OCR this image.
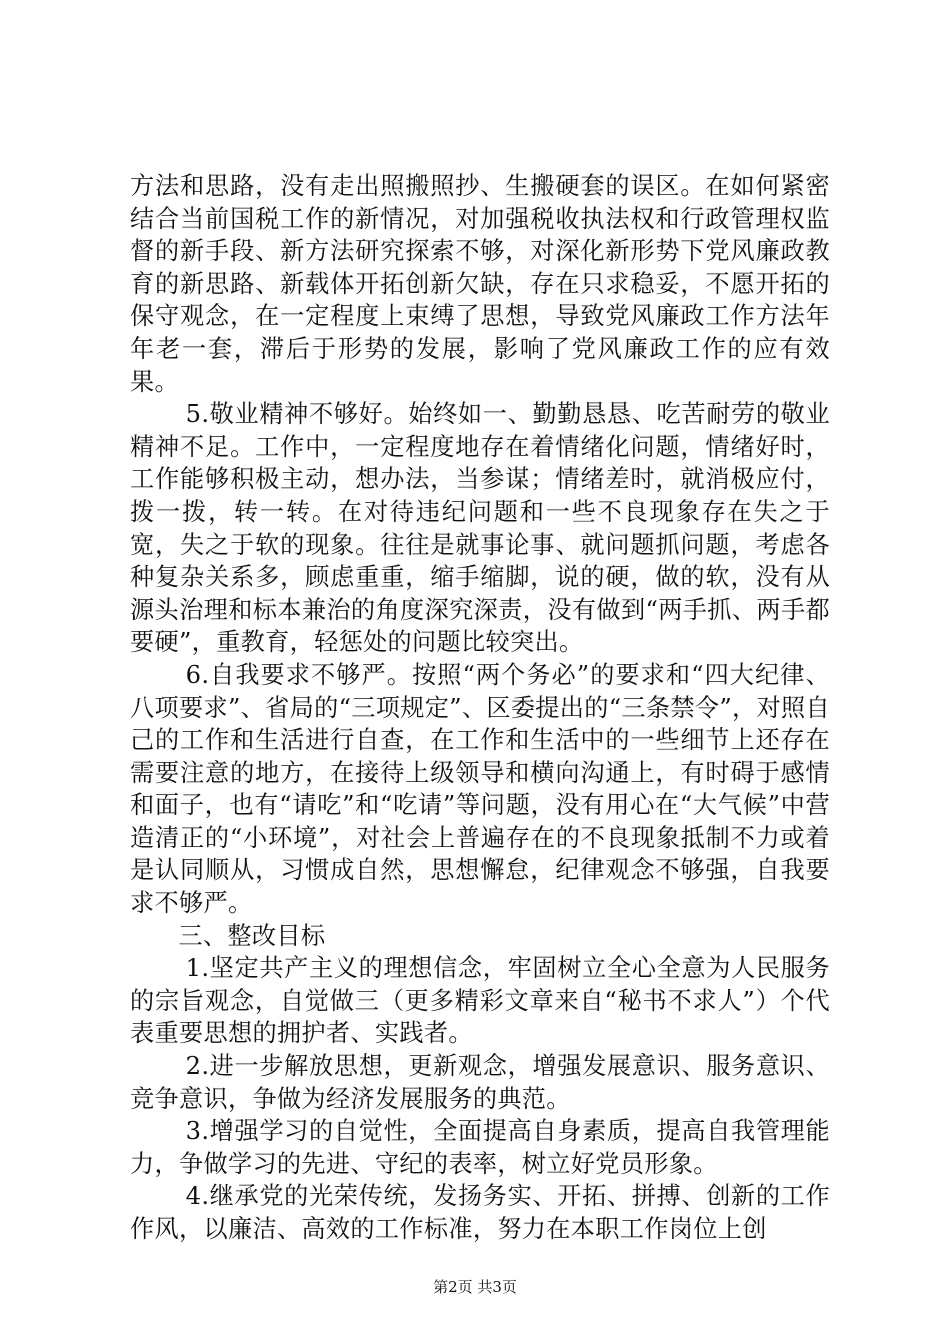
方法和思路，没有走出照搬照抄、生搬硬套的误区。在如何紧密结合当前国税工作的新情况，对加强税收执法权和行政管理权监督的新手段、新方法研究探索不够，对深化新形势下党风廉政教育的新思路、新载体开拓创新欠缺，存在只求稳妥，不愿开拓的保守观念，在一定程度上束缚了思想，导致党风廉政工作方法年年老一套，滞后于形势的发展，影响了党风廉政工作的应有效果。

5.敬业精神不够好。始终如一、勤勤恳恳、吃苦耐劳的敬业精神不足。工作中，一定程度地存在着情绪化问题，情绪好时，工作能够积极主动，想办法，当参谋；情绪差时，就消极应付，拨一拨，转一转。在对待违纪问题和一些不良现象存在失之于宽，失之于软的现象。往往是就事论事、就问题抓问题，考虑各种复杂关系多，顾虑重重，缩手缩脚，说的硬，做的软，没有从源头治理和标本兼治的角度深究深责，没有做到“两手抓、两手都要硬”，重教育，轻惩处的问题比较突出。

6.自我要求不够严。按照“两个务必”的要求和“四大纪律、八项要求”、省局的“三项规定”、区委提出的“三条禁令”，对照自己的工作和生活进行自查，在工作和生活中的一些细节上还存在需要注意的地方，在接待上级领导和横向沟通上，有时碍于感情和面子，也有“请吃”和“吃请”等问题，没有用心在“大气候”中营造清正的“小环境”，对社会上普遍存在的不良现象抵制不力或着是认同顺从，习惯成自然，思想懈怠，纪律观念不够强，自我要求不够严。

三、整改目标

1.坚定共产主义的理想信念，牢固树立全心全意为人民服务的宗旨观念，自觉做三（更多精彩文章来自“秘书不求人”）个代表重要思想的拥护者、实践者。

2.进一步解放思想，更新观念，增强发展意识、服务意识、竞争意识，争做为经济发展服务的典范。

3.增强学习的自觉性，全面提高自身素质，提高自我管理能力，争做学习的先进、守纪的表率，树立好党员形象。

4.继承党的光荣传统，发扬务实、开拓、拼搏、创新的工作作风，以廉洁、高效的工作标准，努力在本职工作岗位上创

第2页 共3页
